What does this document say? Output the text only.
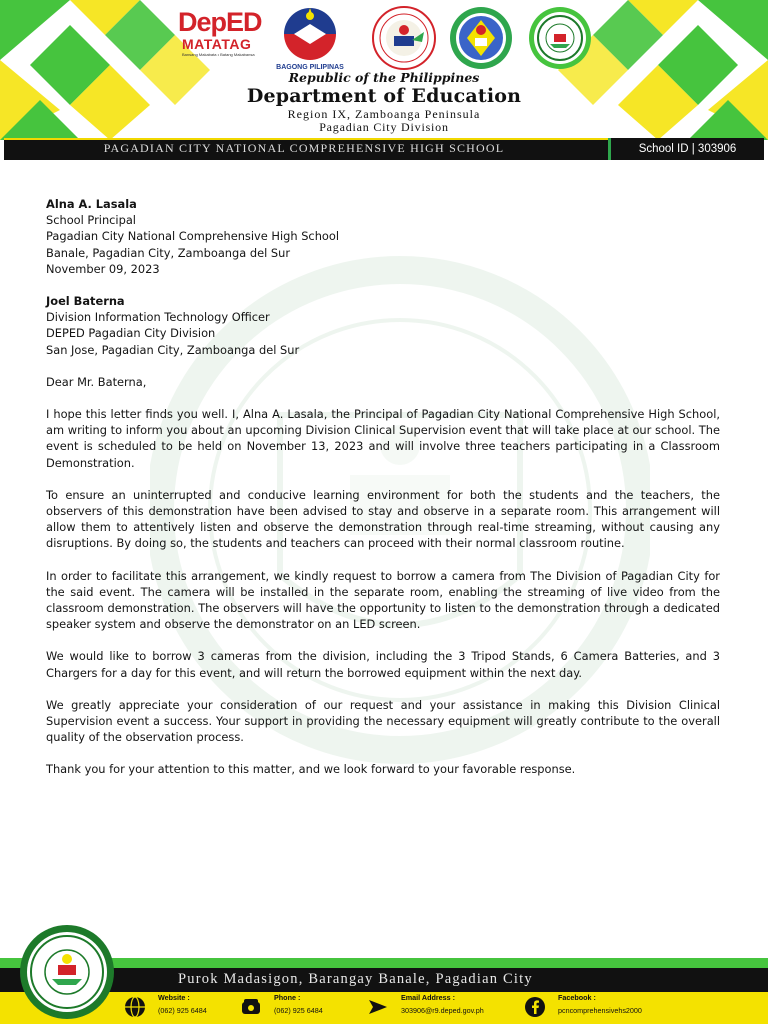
DepED
MATATAG
Bansang Makabata • Batang Makabansa
BAGONG PILIPINAS
Republic of the Philippines
Department of Education
Region IX, Zamboanga Peninsula
Pagadian City Division
PAGADIAN CITY NATIONAL COMPREHENSIVE HIGH SCHOOL	School ID | 303906

Alna A. Lasala

School Principal

Pagadian City National Comprehensive High School

Banale, Pagadian City, Zamboanga del Sur

November 09, 2023

Joel Baterna

Division Information Technology Officer

DEPED Pagadian City Division

San Jose, Pagadian City, Zamboanga del Sur

Dear Mr. Baterna,

I hope this letter finds you well. I, Alna A. Lasala, the Principal of Pagadian City National Comprehensive High School, am writing to inform you about an upcoming Division Clinical Supervision event that will take place at our school. The event is scheduled to be held on November 13, 2023 and will involve three teachers participating in a Classroom Demonstration.

To ensure an uninterrupted and conducive learning environment for both the students and the teachers, the observers of this demonstration have been advised to stay and observe in a separate room. This arrangement will allow them to attentively listen and observe the demonstration through real-time streaming, without causing any disruptions. By doing so, the students and teachers can proceed with their normal classroom routine.

In order to facilitate this arrangement, we kindly request to borrow a camera from The Division of Pagadian City for the said event. The camera will be installed in the separate room, enabling the streaming of live video from the classroom demonstration. The observers will have the opportunity to listen to the demonstration through a dedicated speaker system and observe the demonstrator on an LED screen.

We would like to borrow 3 cameras from the division, including the 3 Tripod Stands, 6 Camera Batteries, and 3 Chargers for a day for this event, and will return the borrowed equipment within the next day.

We greatly appreciate your consideration of our request and your assistance in making this Division Clinical Supervision event a success. Your support in providing the necessary equipment will greatly contribute to the overall quality of the observation process.

Thank you for your attention to this matter, and we look forward to your favorable response.

Purok Madasigon, Barangay Banale, Pagadian City
Website :
(062) 925 6484
Phone :
(062) 925 6484
Email Address :
303906@r9.deped.gov.ph
Facebook :
pcncomprehensivehs2000
